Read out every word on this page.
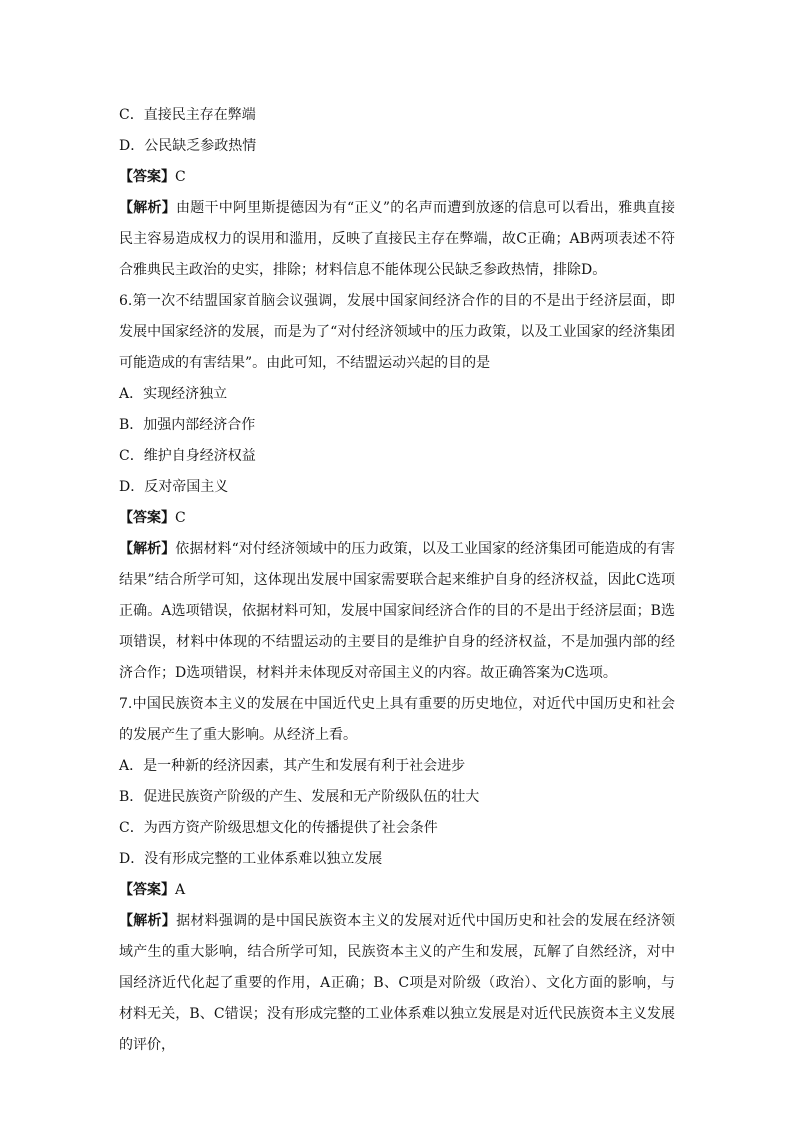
C．直接民主存在弊端
D．公民缺乏参政热情
【答案】C
【解析】由题干中阿里斯提德因为有“正义”的名声而遭到放逐的信息可以看出，雅典直接民主容易造成权力的误用和滥用，反映了直接民主存在弊端，故C正确；AB两项表述不符合雅典民主政治的史实，排除；材料信息不能体现公民缺乏参政热情，排除D。
6.第一次不结盟国家首脑会议强调，发展中国家间经济合作的目的不是出于经济层面，即发展中国家经济的发展，而是为了“对付经济领域中的压力政策，以及工业国家的经济集团可能造成的有害结果”。由此可知，不结盟运动兴起的目的是
A．实现经济独立
B．加强内部经济合作
C．维护自身经济权益
D．反对帝国主义
【答案】C
【解析】依据材料“对付经济领域中的压力政策，以及工业国家的经济集团可能造成的有害结果”结合所学可知，这体现出发展中国家需要联合起来维护自身的经济权益，因此C选项正确。A选项错误，依据材料可知，发展中国家间经济合作的目的不是出于经济层面；B选项错误，材料中体现的不结盟运动的主要目的是维护自身的经济权益，不是加强内部的经济合作；D选项错误，材料并未体现反对帝国主义的内容。故正确答案为C选项。
7.中国民族资本主义的发展在中国近代史上具有重要的历史地位，对近代中国历史和社会的发展产生了重大影响。从经济上看。
A．是一种新的经济因素，其产生和发展有利于社会进步
B．促进民族资产阶级的产生、发展和无产阶级队伍的壮大
C．为西方资产阶级思想文化的传播提供了社会条件
D．没有形成完整的工业体系难以独立发展
【答案】A
【解析】据材料强调的是中国民族资本主义的发展对近代中国历史和社会的发展在经济领域产生的重大影响，结合所学可知，民族资本主义的产生和发展，瓦解了自然经济，对中国经济近代化起了重要的作用，A正确；B、C项是对阶级（政治）、文化方面的影响，与材料无关，B、C错误；没有形成完整的工业体系难以独立发展是对近代民族资本主义发展的评价，
